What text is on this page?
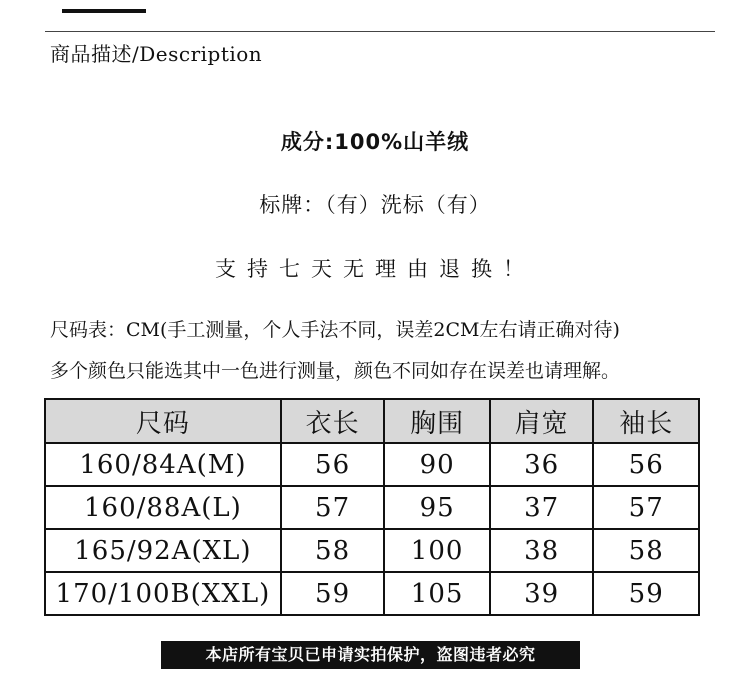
商品描述/Description
成分:100%山羊绒
标牌：（有）洗标（有）
支持七天无理由退换！
尺码表：CM(手工测量，个人手法不同，误差2CM左右请正确对待)
多个颜色只能选其中一色进行测量，颜色不同如存在误差也请理解。
尺码	衣长	胸围	肩宽	袖长
160/84A(M)	56	90	36	56
160/88A(L)	57	95	37	57
165/92A(XL)	58	100	38	58
170/100B(XXL)	59	105	39	59
本店所有宝贝已申请实拍保护，盗图违者必究
